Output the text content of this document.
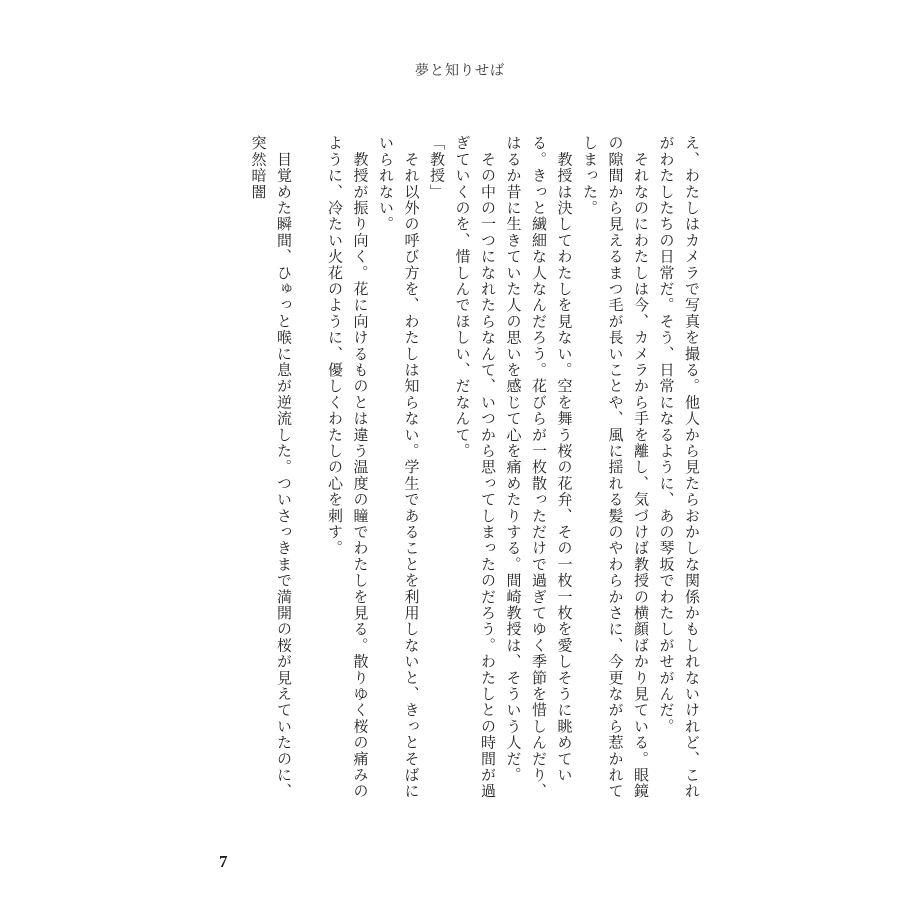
夢と知りせば

え、わたしはカメラで写真を撮る。他人から見たらおかしな関係かもしれないけれど、これがわたしたちの日常だ。そう、日常になるように、あの琴坂でわたしがせがんだ。

　それなのにわたしは今、カメラから手を離し、気づけば教授の横顔ばかり見ている。眼鏡の隙間から見えるまつ毛が長いことや、風に揺れる髪のやわらかさに、今更ながら惹かれてしまった。

　教授は決してわたしを見ない。空を舞う桜の花弁、その一枚一枚を愛しそうに眺めている。きっと繊細な人なんだろう。花びらが一枚散っただけで過ぎてゆく季節を惜しんだり、はるか昔に生きていた人の思いを感じて心を痛めたりする。間崎教授は、そういう人だ。

　その中の一つになれたらなんて、いつから思ってしまったのだろう。わたしとの時間が過ぎていくのを、惜しんでほしい、だなんて。

「教授」

　それ以外の呼び方を、わたしは知らない。学生であることを利用しないと、きっとそばにいられない。

　教授が振り向く。花に向けるものとは違う温度の瞳でわたしを見る。散りゆく桜の痛みのように、冷たい火花のように、優しくわたしの心を刺す。

　目覚めた瞬間、ひゅっと喉に息が逆流した。ついさっきまで満開の桜が見えていたのに、突然暗闇

7
